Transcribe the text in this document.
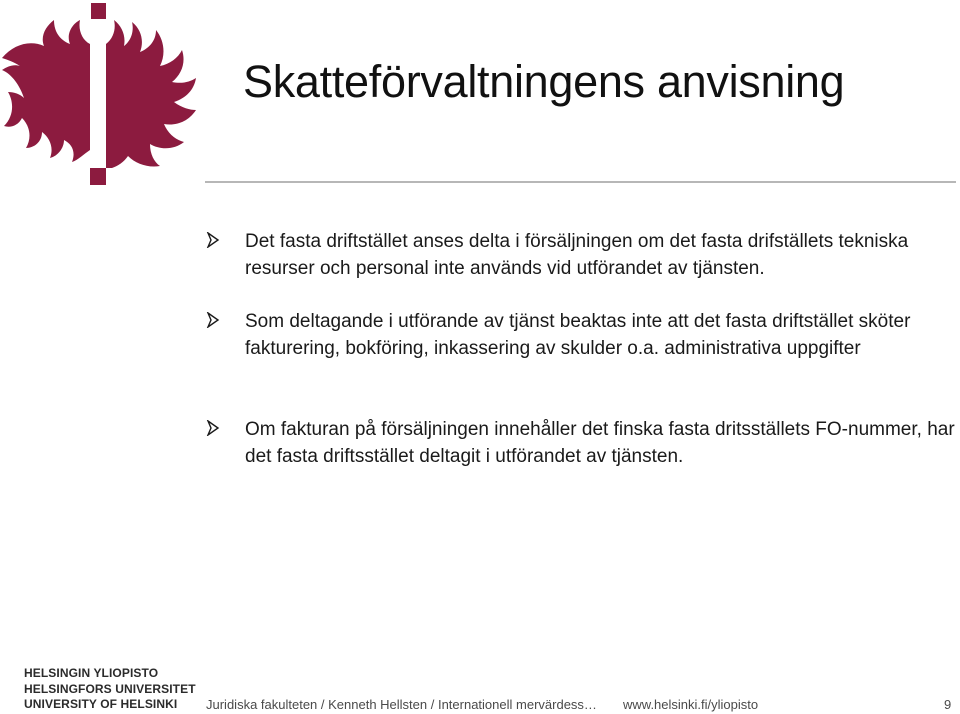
Skatteförvaltningens anvisning
Det fasta driftstället anses delta i försäljningen om det fasta drifställets tekniska resurser och personal inte används vid utförandet av tjänsten.
Som deltagande i utförande av tjänst beaktas inte att det fasta driftstället sköter fakturering, bokföring, inkassering av skulder o.a. administrativa uppgifter
Om fakturan på försäljningen innehåller det finska fasta dritsställets FO-nummer, har det fasta driftsstället deltagit i utförandet av tjänsten.
HELSINGIN YLIOPISTO
HELSINGFORS UNIVERSITET
UNIVERSITY OF HELSINKI	Juridiska fakulteten / Kenneth Hellsten / Internationell mervärdess… www.helsinki.fi/yliopisto	9
